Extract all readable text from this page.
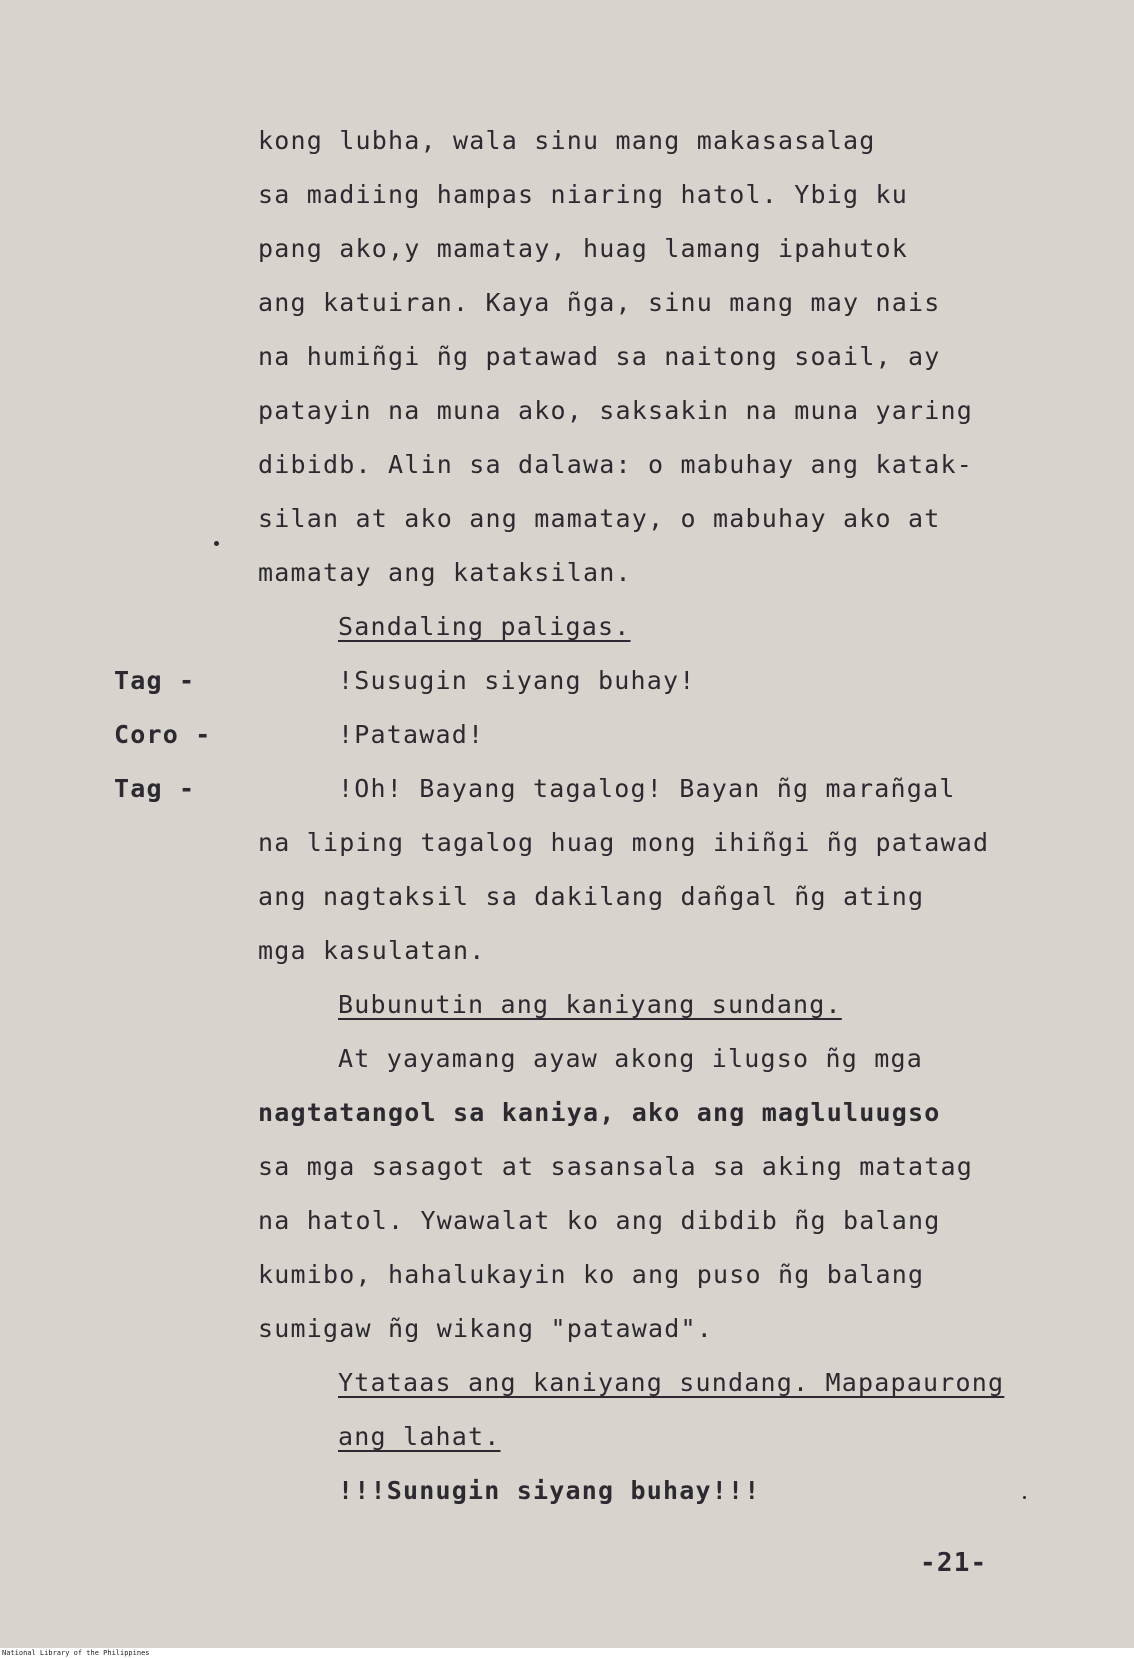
kong lubha, wala sinu mang makasasalag
sa madiing hampas niaring hatol. Ybig ku
pang ako,y mamatay, huag lamang ipahutok
ang katuiran. Kaya ñga, sinu mang may nais
na humiñgi ñg patawad sa naitong soail, ay
patayin na muna ako, saksakin na muna yaring
dibidb. Alin sa dalawa: o mabuhay ang katak-
silan at ako ang mamatay, o mabuhay ako at
mamatay ang kataksilan.
Sandaling paligas.
Tag -	!Susugin siyang buhay!
Coro -	!Patawad!
Tag -	!Oh! Bayang tagalog! Bayan ñg marañgal
na liping tagalog huag mong ihiñgi ñg patawad
ang nagtaksil sa dakilang dañgal ñg ating
mga kasulatan.
Bubunutin ang kaniyang sundang.
At yayamang ayaw akong ilugso ñg mga
nagtatangol sa kaniya, ako ang magluluugso
sa mga sasagot at sasansala sa aking matatag
na hatol. Ywawalat ko ang dibdib ñg balang
kumibo, hahalukayin ko ang puso ñg balang
sumigaw ñg wikang "patawad".
Ytataas ang kaniyang sundang. Mapapaurong
ang lahat.
!!!Sunugin siyang buhay!!!
-21-
National Library of the Philippines
